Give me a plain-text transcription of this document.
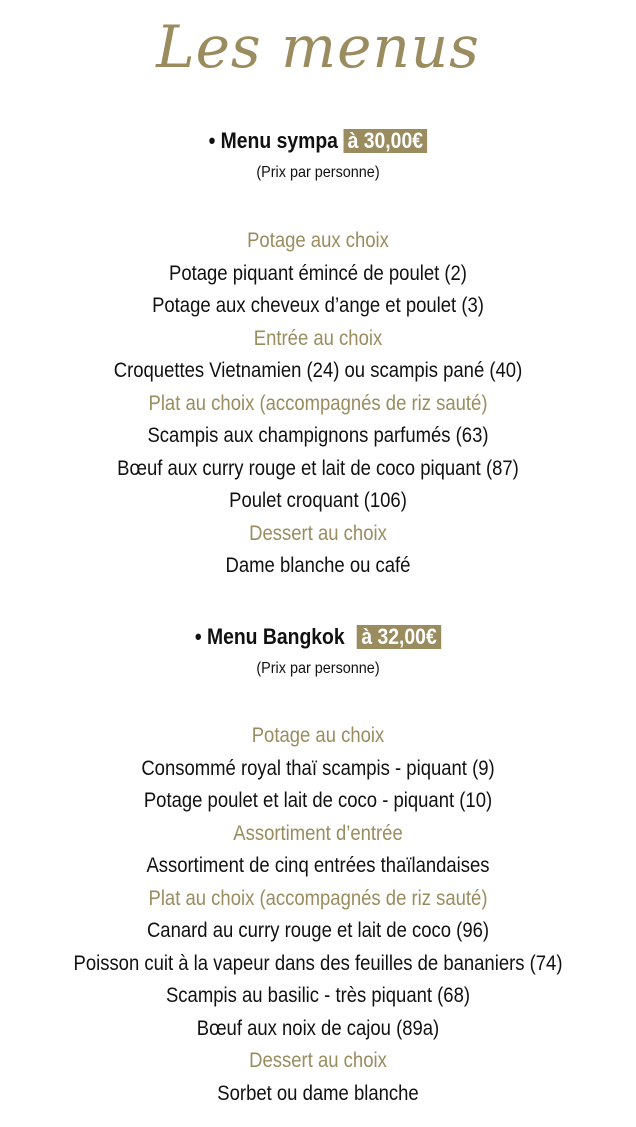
Les menus
• Menu sympa à 30,00€
(Prix par personne)
Potage aux choix
Potage piquant émincé de poulet (2)
Potage aux cheveux d’ange et poulet (3)
Entrée au choix
Croquettes Vietnamien (24) ou scampis pané (40)
Plat au choix (accompagnés de riz sauté)
Scampis aux champignons parfumés (63)
Bœuf aux curry rouge et lait de coco piquant (87)
Poulet croquant (106)
Dessert au choix
Dame blanche ou café
• Menu Bangkok à 32,00€
(Prix par personne)
Potage au choix
Consommé royal thaï scampis - piquant (9)
Potage poulet et lait de coco - piquant (10)
Assortiment d’entrée
Assortiment de cinq entrées thaïlandaises
Plat au choix (accompagnés de riz sauté)
Canard au curry rouge et lait de coco (96)
Poisson cuit à la vapeur dans des feuilles de bananiers (74)
Scampis au basilic - très piquant (68)
Bœuf aux noix de cajou (89a)
Dessert au choix
Sorbet ou dame blanche
